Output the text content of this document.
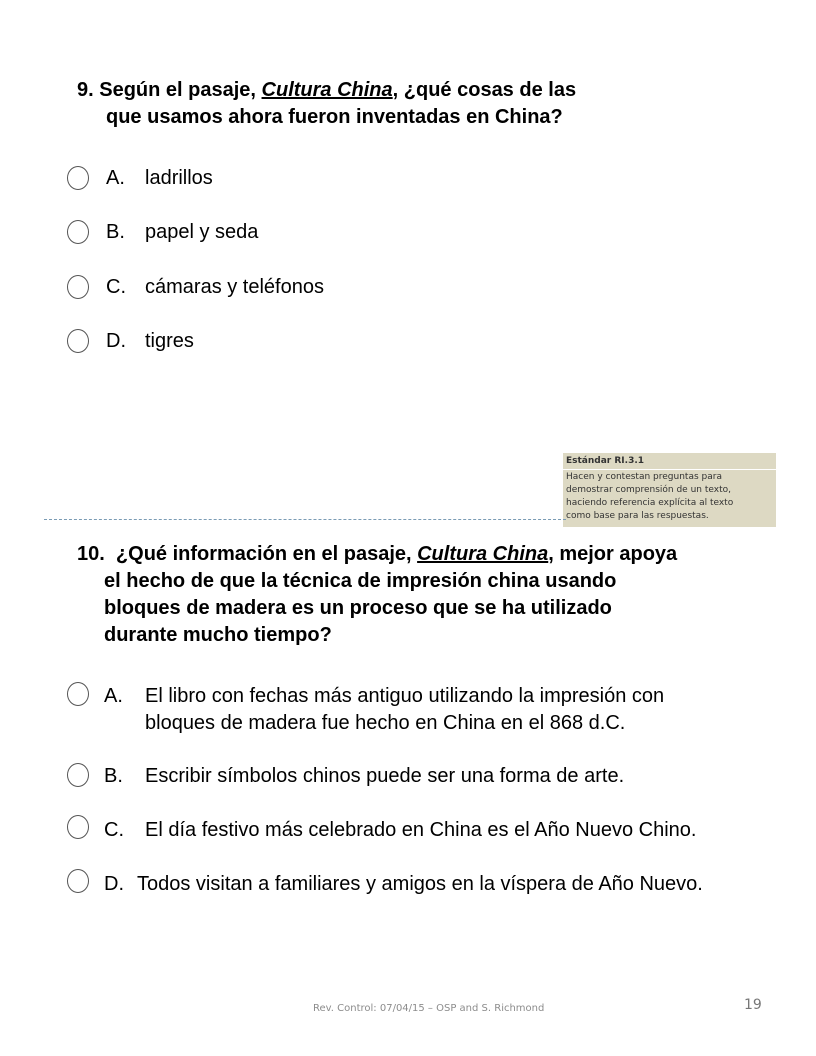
9. Según el pasaje, Cultura China, ¿qué cosas de las
que usamos ahora fueron inventadas en China?
A. ladrillos
B. papel y seda
C. cámaras y teléfonos
D. tigres
Estándar RI.3.1
Hacen y contestan preguntas para
demostrar comprensión de un texto,
haciendo referencia explícita al texto
como base para las respuestas.
10.  ¿Qué información en el pasaje, Cultura China, mejor apoya
el hecho de que la técnica de impresión china usando
bloques de madera es un proceso que se ha utilizado
durante mucho tiempo?
A. El libro con fechas más antiguo utilizando la impresión con
bloques de madera fue hecho en China en el 868 d.C.
B. Escribir símbolos chinos puede ser una forma de arte.
C. El día festivo más celebrado en China es el Año Nuevo Chino.
D. Todos visitan a familiares y amigos en la víspera de Año Nuevo.
Rev. Control: 07/04/15 – OSP and S. Richmond	19
